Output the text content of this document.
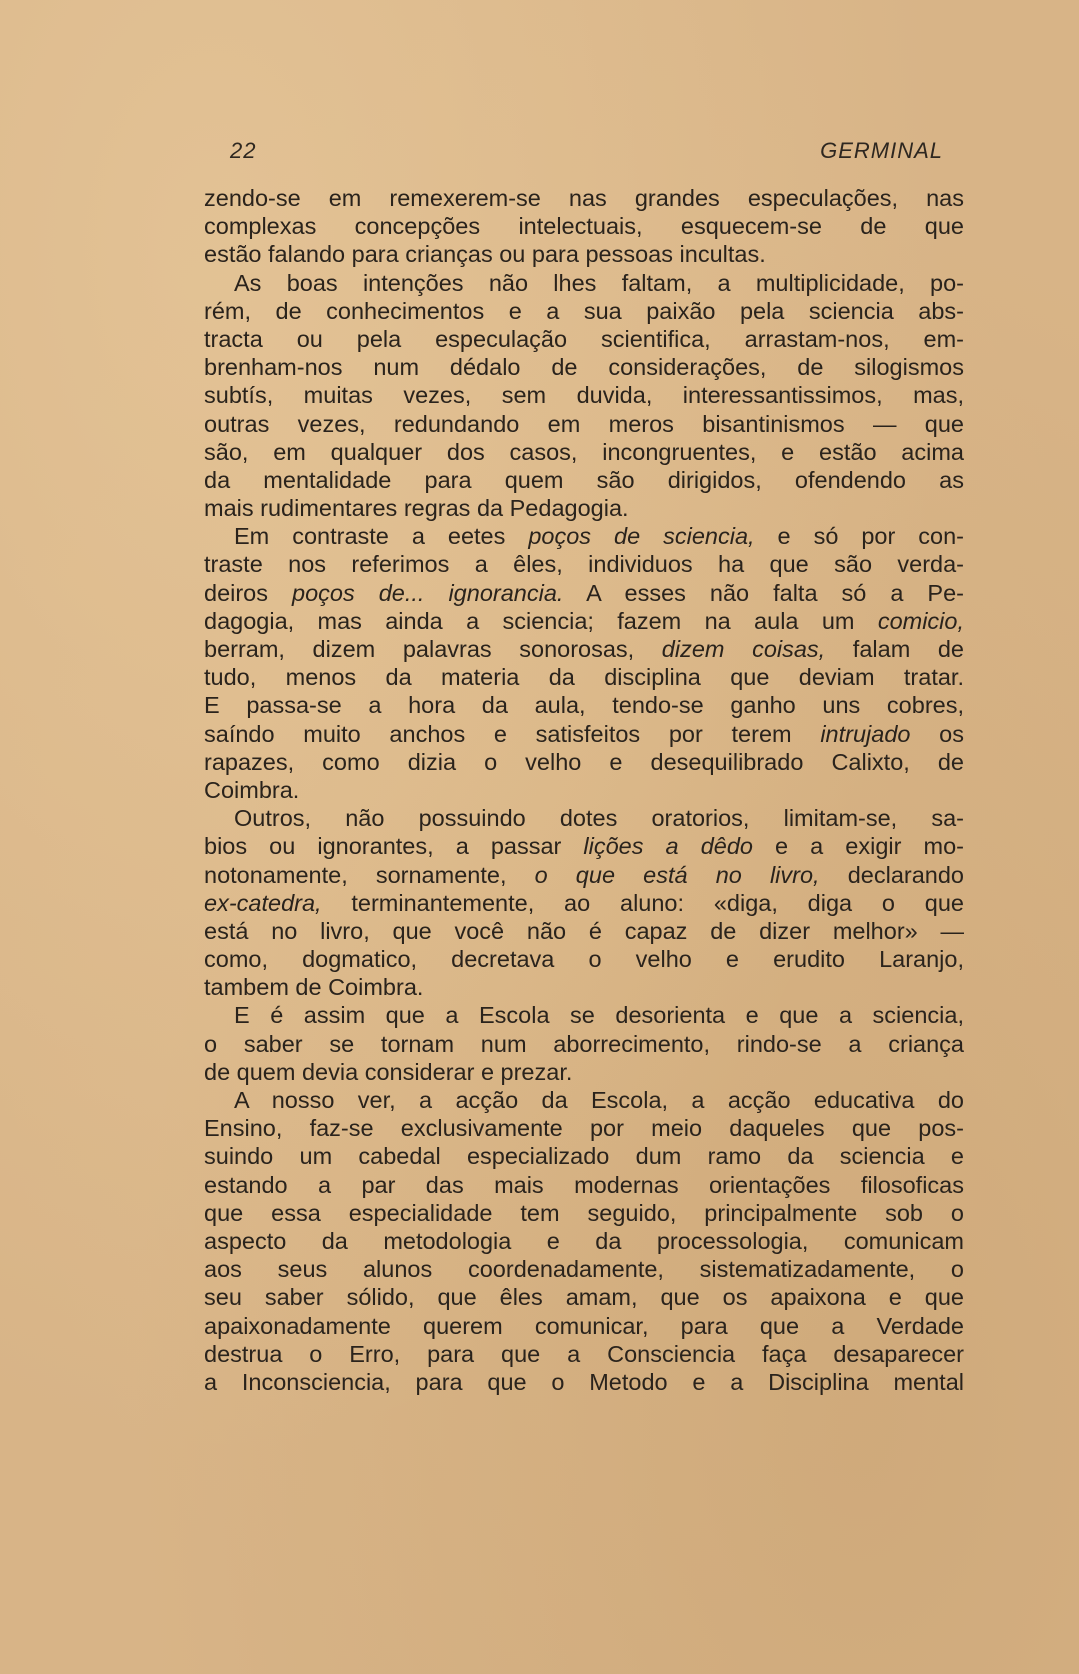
22	GERMINAL
zendo-se em remexerem-se nas grandes especulações, nas
complexas concepções intelectuais, esquecem-se de que
estão falando para crianças ou para pessoas incultas.
As boas intenções não lhes faltam, a multiplicidade, po-
rém, de conhecimentos e a sua paixão pela sciencia abs-
tracta ou pela especulação scientifica, arrastam-nos, em-
brenham-nos num dédalo de considerações, de silogismos
subtís, muitas vezes, sem duvida, interessantissimos, mas,
outras vezes, redundando em meros bisantinismos — que
são, em qualquer dos casos, incongruentes, e estão acima
da mentalidade para quem são dirigidos, ofendendo as
mais rudimentares regras da Pedagogia.
Em contraste a eetes poços de sciencia, e só por con-
traste nos referimos a êles, individuos ha que são verda-
deiros poços de... ignorancia. A esses não falta só a Pe-
dagogia, mas ainda a sciencia; fazem na aula um comicio,
berram, dizem palavras sonorosas, dizem coisas, falam de
tudo, menos da materia da disciplina que deviam tratar.
E passa-se a hora da aula, tendo-se ganho uns cobres,
saíndo muito anchos e satisfeitos por terem intrujado os
rapazes, como dizia o velho e desequilibrado Calixto, de
Coimbra.
Outros, não possuindo dotes oratorios, limitam-se, sa-
bios ou ignorantes, a passar lições a dêdo e a exigir mo-
notonamente, sornamente, o que está no livro, declarando
ex-catedra, terminantemente, ao aluno: «diga, diga o que
está no livro, que você não é capaz de dizer melhor» —
como, dogmatico, decretava o velho e erudito Laranjo,
tambem de Coimbra.
E é assim que a Escola se desorienta e que a sciencia,
o saber se tornam num aborrecimento, rindo-se a criança
de quem devia considerar e prezar.
A nosso ver, a acção da Escola, a acção educativa do
Ensino, faz-se exclusivamente por meio daqueles que pos-
suindo um cabedal especializado dum ramo da sciencia e
estando a par das mais modernas orientações filosoficas
que essa especialidade tem seguido, principalmente sob o
aspecto da metodologia e da processologia, comunicam
aos seus alunos coordenadamente, sistematizadamente, o
seu saber sólido, que êles amam, que os apaixona e que
apaixonadamente querem comunicar, para que a Verdade
destrua o Erro, para que a Consciencia faça desaparecer
a Inconsciencia, para que o Metodo e a Disciplina mental
